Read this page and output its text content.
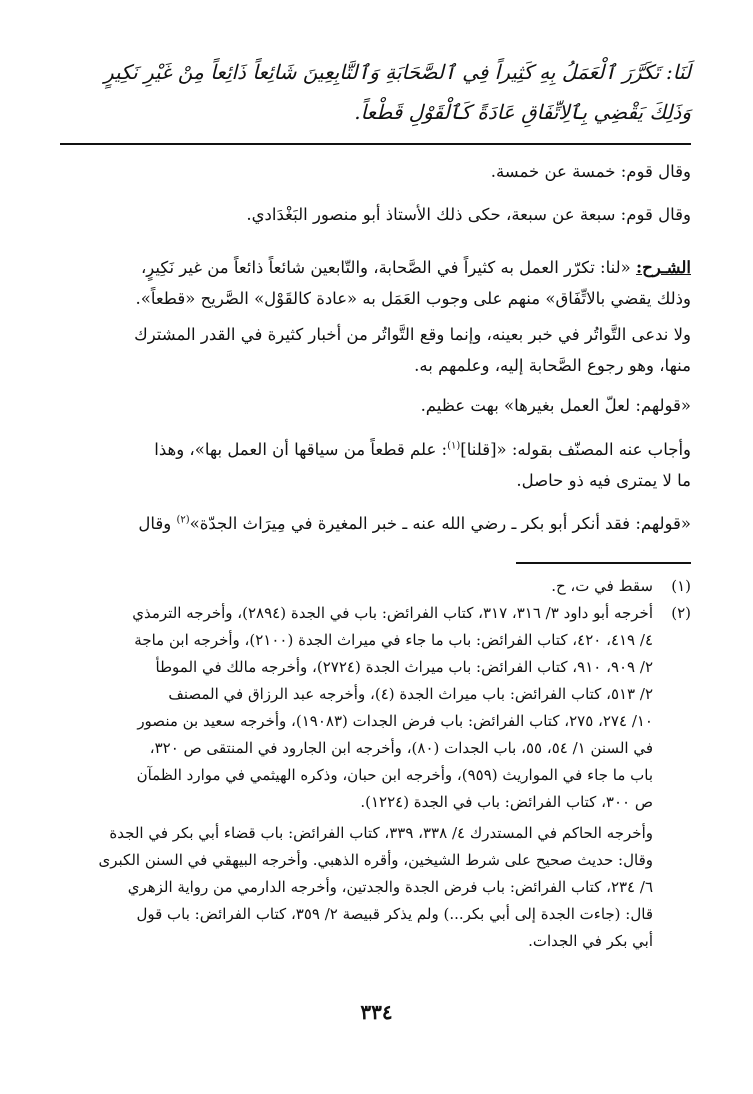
لَنَا: تَكَرَّرَ ٱلْعَمَلُ بِهِ كَثِيراً فِي ٱلصَّحَابَةِ وَٱلتَّابِعِينَ شَائِعاً ذَائِعاً مِنْ غَيْرِ نَكِيرٍ
وَذَلِكَ يَقْضِي بِٱلِاتِّفَاقِ عَادَةً كَٱلْقَوْلِ قَطْعاً.
وقال قوم: خمسة عن خمسة.
وقال قوم: سبعة عن سبعة، حكى ذلك الأستاذ أبو منصور البَغْدَادي.
الشـرح: «لنا: تكرّر العمل به كثيراً في الصَّحابة، والتّابعين شائعاً ذائعاً من غير نَكِيرٍ،
وذلك يقضي بالاتِّفَاق» منهم على وجوب العَمَل به «عادة كالقَوْل» الصَّريح «قطعاً».
ولا ندعى التَّواتُر في خبر بعينه، وإنما وقع التَّواتُر من أخبار كثيرة في القدر المشترك
منها، وهو رجوع الصَّحابة إليه، وعلمهم به.
«قولهم: لعلّ العمل بغيرها» بهت عظيم.
وأجاب عنه المصنّف بقوله: «[قلنا]$^{(١)}$: علم قطعاً من سياقها أن العمل بها»، وهذا
ما لا يمترى فيه ذو حاصل.
«قولهم: فقد أنكر أبو بكر ـ رضي الله عنه ـ خبر المغيرة في مِيرَاث الجدّة»$^{(٢)}$ وقال
(١)
سقط في ت، ح.
(٢)
أخرجه أبو داود ٣/ ٣١٦، ٣١٧، كتاب الفرائض: باب في الجدة (٢٨٩٤)، وأخرجه الترمذي
٤/ ٤١٩، ٤٢٠، كتاب الفرائض: باب ما جاء في ميراث الجدة (٢١٠٠)، وأخرجه ابن ماجة
٢/ ٩٠٩، ٩١٠، كتاب الفرائض: باب ميراث الجدة (٢٧٢٤)، وأخرجه مالك في الموطأ
٢/ ٥١٣، كتاب الفرائض: باب ميراث الجدة (٤)، وأخرجه عبد الرزاق في المصنف
١٠/ ٢٧٤، ٢٧٥، كتاب الفرائض: باب فرض الجدات (١٩٠٨٣)، وأخرجه سعيد بن منصور
في السنن ١/ ٥٤، ٥٥، باب الجدات (٨٠)، وأخرجه ابن الجارود في المنتقى ص ٣٢٠،
باب ما جاء في المواريث (٩٥٩)، وأخرجه ابن حبان، وذكره الهيثمي في موارد الظمآن
ص ٣٠٠، كتاب الفرائض: باب في الجدة (١٢٢٤).
وأخرجه الحاكم في المستدرك ٤/ ٣٣٨، ٣٣٩، كتاب الفرائض: باب قضاء أبي بكر في الجدة
وقال: حديث صحيح على شرط الشيخين، وأقره الذهبي. وأخرجه البيهقي في السنن الكبرى
٦/ ٢٣٤، كتاب الفرائض: باب فرض الجدة والجدتين، وأخرجه الدارمي من رواية الزهري
قال: (جاءت الجدة إلى أبي بكر...) ولم يذكر قبيصة ٢/ ٣٥٩، كتاب الفرائض: باب قول
أبي بكر في الجدات.
٣٣٤
